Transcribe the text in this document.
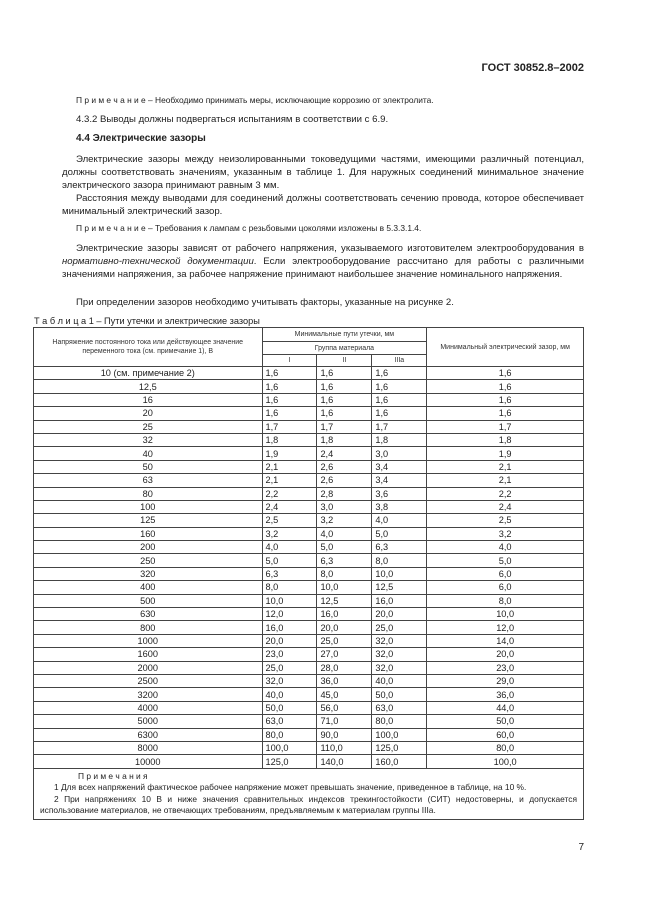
ГОСТ 30852.8–2002
П р и м е ч а н и е – Необходимо принимать меры, исключающие коррозию от электролита.
4.3.2 Выводы должны подвергаться испытаниям в соответствии с 6.9.
4.4 Электрические зазоры
Электрические зазоры между неизолированными токоведущими частями, имеющими различный потенциал, должны соответствовать значениям, указанным в таблице 1. Для наружных соединений минимальное значение электрического зазора принимают равным 3 мм.
Расстояния между выводами для соединений должны соответствовать сечению провода, которое обеспечивает минимальный электрический зазор.
П р и м е ч а н и е – Требования к лампам с резьбовыми цоколями изложены в 5.3.3.1.4.
Электрические зазоры зависят от рабочего напряжения, указываемого изготовителем электрооборудования в нормативно-технической документации. Если электрооборудование рассчитано для работы с различными значениями напряжения, за рабочее напряжение принимают наибольшее значение номинального напряжения.
При определении зазоров необходимо учитывать факторы, указанные на рисунке 2.
Т а б л и ц а 1 – Пути утечки и электрические зазоры
Напряжение постоянного тока или действующее значение переменного тока (см. примечание 1), В	Минимальные пути утечки, мм			Минимальный электрический зазор, мм
	Группа материала			
	I	II	IIIa	
10 (см. примечание 2)	1,6	1,6	1,6	1,6
12,5	1,6	1,6	1,6	1,6
16	1,6	1,6	1,6	1,6
20	1,6	1,6	1,6	1,6
25	1,7	1,7	1,7	1,7
32	1,8	1,8	1,8	1,8
40	1,9	2,4	3,0	1,9
50	2,1	2,6	3,4	2,1
63	2,1	2,6	3,4	2,1
80	2,2	2,8	3,6	2,2
100	2,4	3,0	3,8	2,4
125	2,5	3,2	4,0	2,5
160	3,2	4,0	5,0	3,2
200	4,0	5,0	6,3	4,0
250	5,0	6,3	8,0	5,0
320	6,3	8,0	10,0	6,0
400	8,0	10,0	12,5	6,0
500	10,0	12,5	16,0	8,0
630	12,0	16,0	20,0	10,0
800	16,0	20,0	25,0	12,0
1000	20,0	25,0	32,0	14,0
1600	23,0	27,0	32,0	20,0
2000	25,0	28,0	32,0	23,0
2500	32,0	36,0	40,0	29,0
3200	40,0	45,0	50,0	36,0
4000	50,0	56,0	63,0	44,0
5000	63,0	71,0	80,0	50,0
6300	80,0	90,0	100,0	60,0
8000	100,0	110,0	125,0	80,0
10000	125,0	140,0	160,0	100,0

П р и м е ч а н и я
1 Для всех напряжений фактическое рабочее напряжение может превышать значение, приведенное в таблице, на 10 %.
2 При напряжениях 10 В и ниже значения сравнительных индексов трекингостойкости (СИТ) недостоверны, и допускается использование материалов, не отвечающих требованиям, предъявляемым к материалам группы IIIa.				
7
